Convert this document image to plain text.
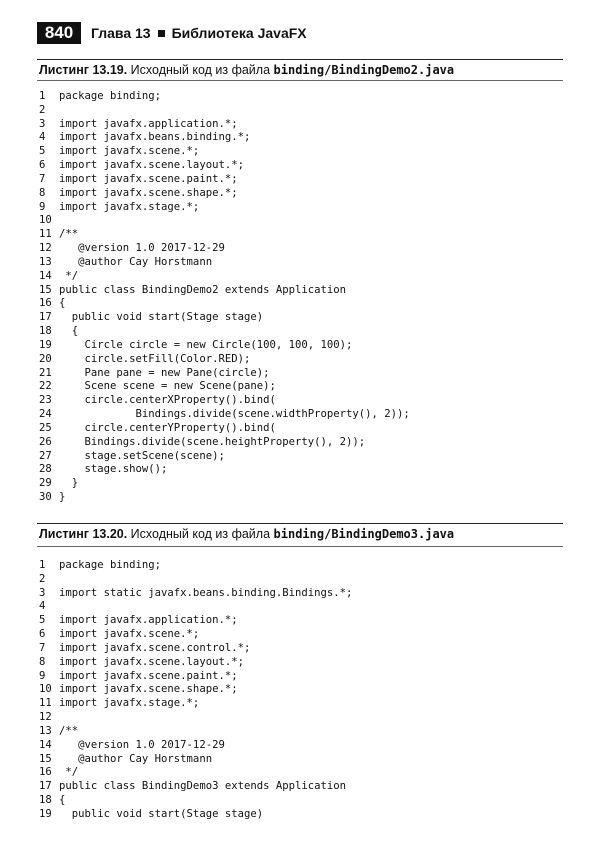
840	Глава 13 Библиотека JavaFX
Листинг 13.19. Исходный код из файла binding/BindingDemo2.java
1 package binding;
2
3 import javafx.application.*;
4 import javafx.beans.binding.*;
5 import javafx.scene.*;
6 import javafx.scene.layout.*;
7 import javafx.scene.paint.*;
8 import javafx.scene.shape.*;
9 import javafx.stage.*;
10
11 /**
12   @version 1.0 2017-12-29
13   @author Cay Horstmann
14 */
15 public class BindingDemo2 extends Application
16 {
17  public void start(Stage stage)
18  {
19    Circle circle = new Circle(100, 100, 100);
20    circle.setFill(Color.RED);
21    Pane pane = new Pane(circle);
22    Scene scene = new Scene(pane);
23    circle.centerXProperty().bind(
24            Bindings.divide(scene.widthProperty(), 2));
25    circle.centerYProperty().bind(
26    Bindings.divide(scene.heightProperty(), 2));
27    stage.setScene(scene);
28    stage.show();
29  }
30 }
Листинг 13.20. Исходный код из файла binding/BindingDemo3.java
1 package binding;
2
3 import static javafx.beans.binding.Bindings.*;
4
5 import javafx.application.*;
6 import javafx.scene.*;
7 import javafx.scene.control.*;
8 import javafx.scene.layout.*;
9 import javafx.scene.paint.*;
10 import javafx.scene.shape.*;
11 import javafx.stage.*;
12
13 /**
14   @version 1.0 2017-12-29
15   @author Cay Horstmann
16 */
17 public class BindingDemo3 extends Application
18 {
19  public void start(Stage stage)
